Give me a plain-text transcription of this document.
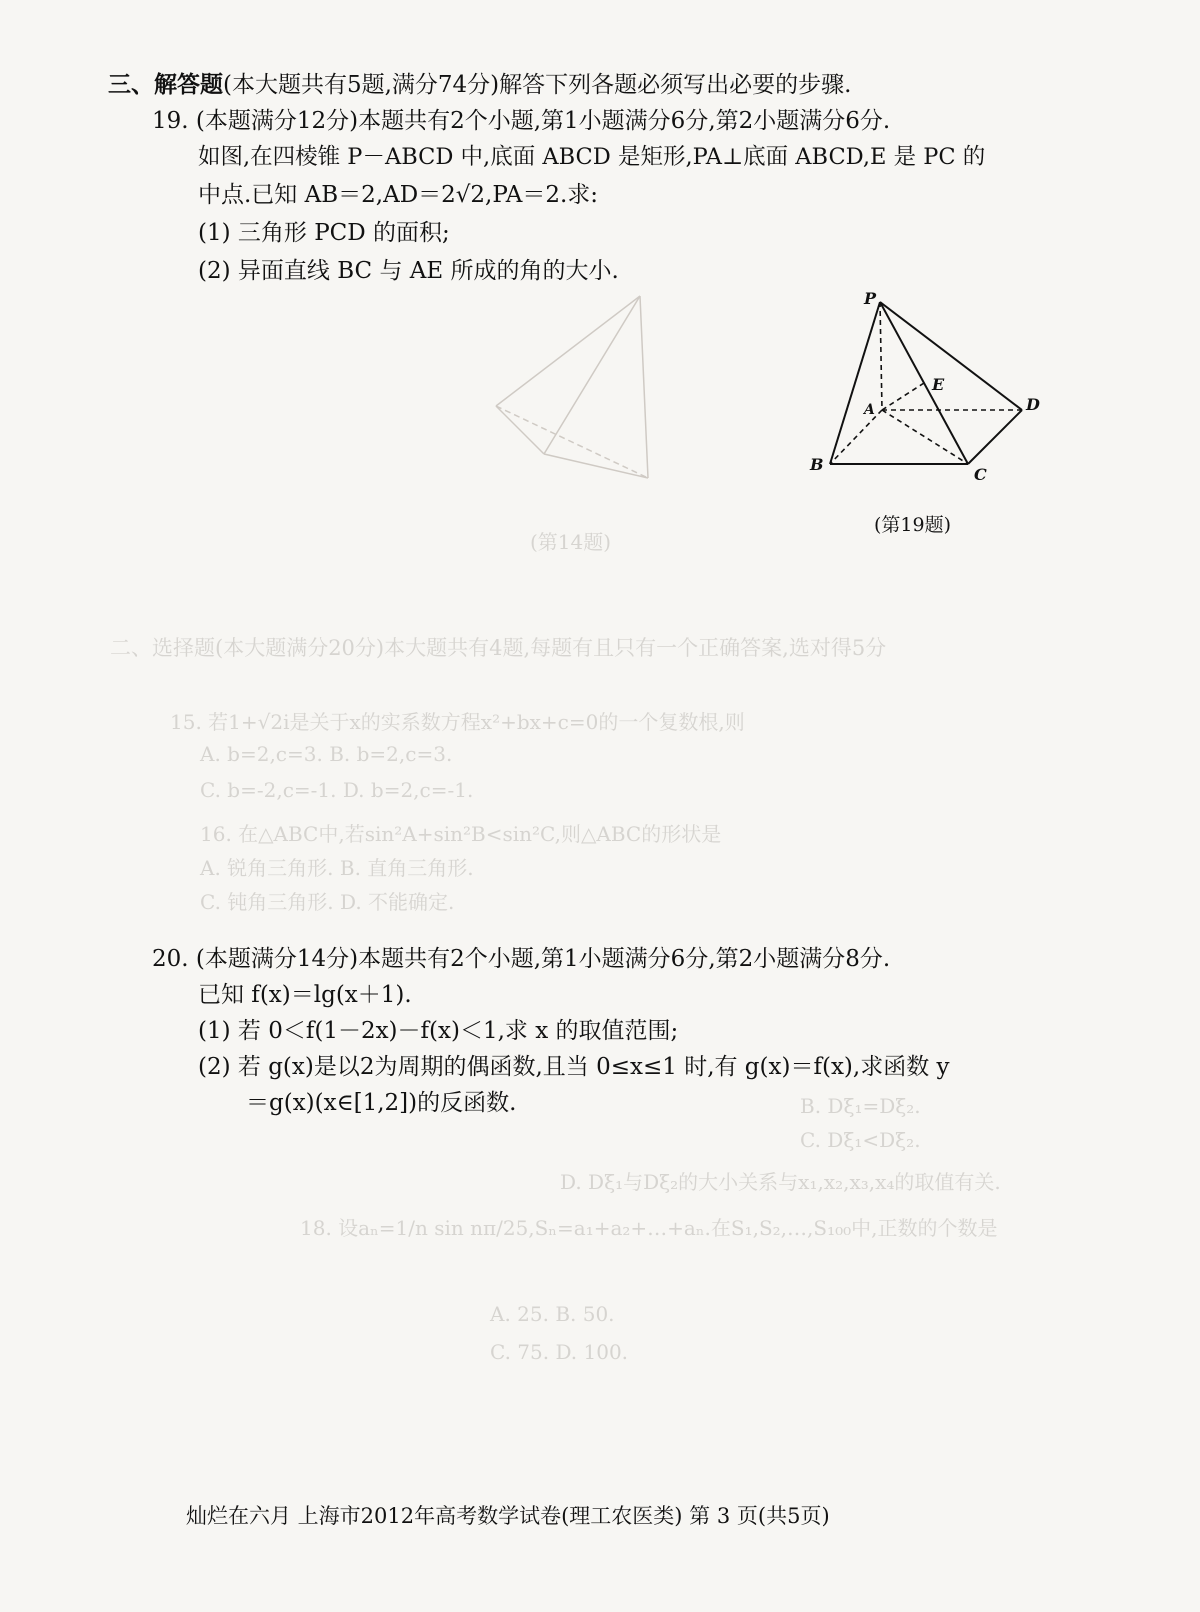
二、选择题(本大题满分20分)本大题共有4题,每题有且只有一个正确答案,选对得5分
15. 若1+√2i是关于x的实系数方程x²+bx+c=0的一个复数根,则
A. b=2,c=3. B. b=2,c=3.
C. b=-2,c=-1. D. b=2,c=-1.
16. 在△ABC中,若sin²A+sin²B<sin²C,则△ABC的形状是
A. 锐角三角形. B. 直角三角形.
C. 钝角三角形. D. 不能确定.
B. Dξ₁=Dξ₂.
C. Dξ₁<Dξ₂.
D. Dξ₁与Dξ₂的大小关系与x₁,x₂,x₃,x₄的取值有关.
18. 设aₙ=1/n sin nπ/25,Sₙ=a₁+a₂+…+aₙ.在S₁,S₂,…,S₁₀₀中,正数的个数是
A. 25. B. 50.
C. 75. D. 100.
(第14题)
三、解答题(本大题共有5题,满分74分)解答下列各题必须写出必要的步骤.
19. (本题满分12分)本题共有2个小题,第1小题满分6分,第2小题满分6分.
如图,在四棱锥 P－ABCD 中,底面 ABCD 是矩形,PA⊥底面 ABCD,E 是 PC 的
中点.已知 AB＝2,AD＝2√2,PA＝2.求:
(1) 三角形 PCD 的面积;
(2) 异面直线 BC 与 AE 所成的角的大小.
P
A
B
C
D
E
(第19题)
20. (本题满分14分)本题共有2个小题,第1小题满分6分,第2小题满分8分.
已知 f(x)＝lg(x＋1).
(1) 若 0＜f(1－2x)－f(x)＜1,求 x 的取值范围;
(2) 若 g(x)是以2为周期的偶函数,且当 0≤x≤1 时,有 g(x)＝f(x),求函数 y
＝g(x)(x∈[1,2])的反函数.
灿烂在六月 上海市2012年高考数学试卷(理工农医类) 第 3 页(共5页)
